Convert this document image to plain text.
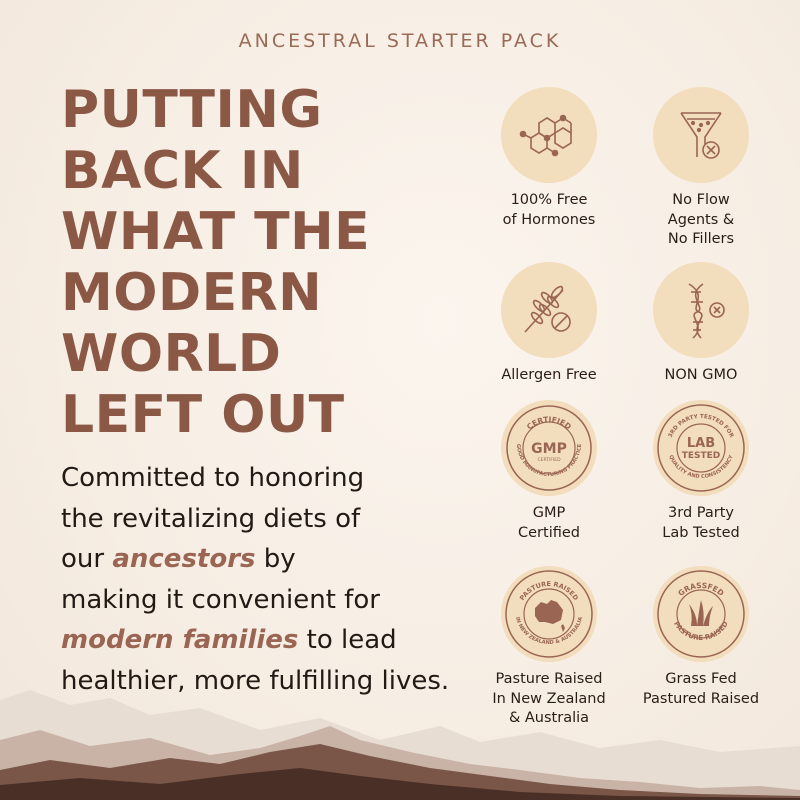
ANCESTRAL STARTER PACK
PUTTING
BACK IN
WHAT THE
MODERN
WORLD
LEFT OUT
Committed to honoring
the revitalizing diets of
our ancestors by
making it convenient for
modern families to lead
healthier, more fulfilling lives.
100% Free
of Hormones
No Flow
Agents &
No Fillers
Allergen Free	NON GMO
CERTIFIED
GMP
CERTIFIED
GOOD MANUFACTURING PRACTICE
GMP
Certified
3RD PARTY TESTED FOR
LAB
TESTED
QUALITY AND CONSISTENCY
3rd Party
Lab Tested
PASTURE RAISED
IN NEW ZEALAND & AUSTRALIA
Pasture Raised
In New Zealand
& Australia
GRASSFED
PASTURE RAISED
Grass Fed
Pastured Raised
